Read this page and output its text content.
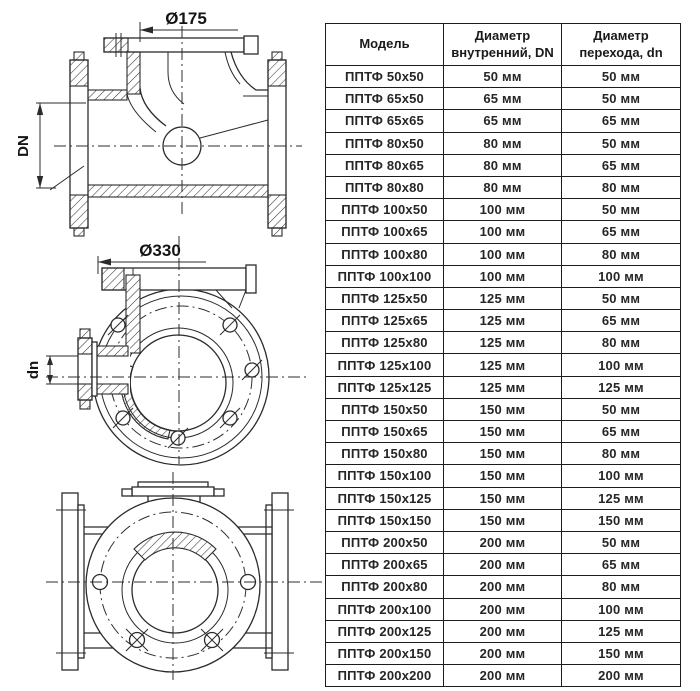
Ø175
DN
Ø330
dn
Модель	Диаметр внутренний, DN	Диаметр перехода, dn
ППТФ 50x50	50 мм	50 мм
ППТФ 65x50	65 мм	50 мм
ППТФ 65x65	65 мм	65 мм
ППТФ 80x50	80 мм	50 мм
ППТФ 80x65	80 мм	65 мм
ППТФ 80x80	80 мм	80 мм
ППТФ 100x50	100 мм	50 мм
ППТФ 100x65	100 мм	65 мм
ППТФ 100x80	100 мм	80 мм
ППТФ 100x100	100 мм	100 мм
ППТФ 125x50	125 мм	50 мм
ППТФ 125x65	125 мм	65 мм
ППТФ 125x80	125 мм	80 мм
ППТФ 125x100	125 мм	100 мм
ППТФ 125x125	125 мм	125 мм
ППТФ 150x50	150 мм	50 мм
ППТФ 150x65	150 мм	65 мм
ППТФ 150x80	150 мм	80 мм
ППТФ 150x100	150 мм	100 мм
ППТФ 150x125	150 мм	125 мм
ППТФ 150x150	150 мм	150 мм
ППТФ 200x50	200 мм	50 мм
ППТФ 200x65	200 мм	65 мм
ППТФ 200x80	200 мм	80 мм
ППТФ 200x100	200 мм	100 мм
ППТФ 200x125	200 мм	125 мм
ППТФ 200x150	200 мм	150 мм
ППТФ 200x200	200 мм	200 мм
